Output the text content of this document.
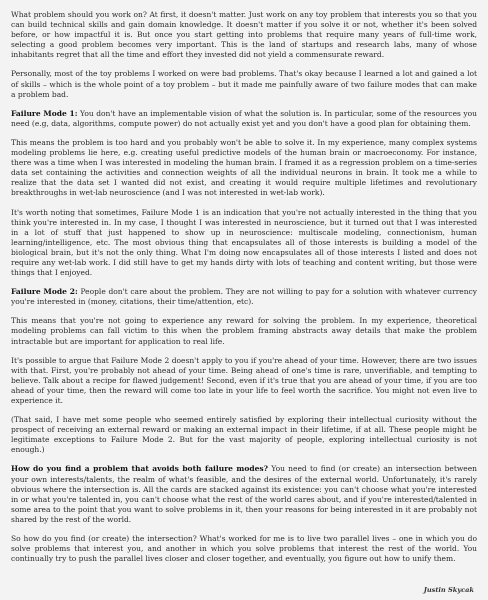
What problem should you work on? At first, it doesn't matter. Just work on any toy problem that interests you so that you can build technical skills and gain domain knowledge. It doesn't matter if you solve it or not, whether it's been solved before, or how impactful it is. But once you start getting into problems that require many years of full-time work, selecting a good problem becomes very important. This is the land of startups and research labs, many of whose inhabitants regret that all the time and effort they invested did not yield a commensurate reward.

Personally, most of the toy problems I worked on were bad problems. That's okay because I learned a lot and gained a lot of skills – which is the whole point of a toy problem – but it made me painfully aware of two failure modes that can make a problem bad.

Failure Mode 1: You don't have an implementable vision of what the solution is. In particular, some of the resources you need (e.g, data, algorithms, compute power) do not actually exist yet and you don't have a good plan for obtaining them.

This means the problem is too hard and you probably won't be able to solve it. In my experience, many complex systems modeling problems lie here, e.g. creating useful predictive models of the human brain or macroeconomy. For instance, there was a time when I was interested in modeling the human brain. I framed it as a regression problem on a time-series data set containing the activities and connection weights of all the individual neurons in brain. It took me a while to realize that the data set I wanted did not exist, and creating it would require multiple lifetimes and revolutionary breakthroughs in wet-lab neuroscience (and I was not interested in wet-lab work).

It's worth noting that sometimes, Failure Mode 1 is an indication that you're not actually interested in the thing that you think you're interested in. In my case, I thought I was interested in neuroscience, but it turned out that I was interested in a lot of stuff that just happened to show up in neuroscience: multiscale modeling, connectionism, human learning/intelligence, etc. The most obvious thing that encapsulates all of those interests is building a model of the biological brain, but it's not the only thing. What I'm doing now encapsulates all of those interests I listed and does not require any wet-lab work. I did still have to get my hands dirty with lots of teaching and content writing, but those were things that I enjoyed.

Failure Mode 2: People don't care about the problem. They are not willing to pay for a solution with whatever currency you're interested in (money, citations, their time/attention, etc).

This means that you're not going to experience any reward for solving the problem. In my experience, theoretical modeling problems can fall victim to this when the problem framing abstracts away details that make the problem intractable but are important for application to real life.

It's possible to argue that Failure Mode 2 doesn't apply to you if you're ahead of your time. However, there are two issues with that. First, you're probably not ahead of your time. Being ahead of one's time is rare, unverifiable, and tempting to believe. Talk about a recipe for flawed judgement! Second, even if it's true that you are ahead of your time, if you are too ahead of your time, then the reward will come too late in your life to feel worth the sacrifice. You might not even live to experience it.

(That said, I have met some people who seemed entirely satisfied by exploring their intellectual curiosity without the prospect of receiving an external reward or making an external impact in their lifetime, if at all. These people might be legitimate exceptions to Failure Mode 2. But for the vast majority of people, exploring intellectual curiosity is not enough.)

How do you find a problem that avoids both failure modes? You need to find (or create) an intersection between your own interests/talents, the realm of what's feasible, and the desires of the external world. Unfortunately, it's rarely obvious where the intersection is. All the cards are stacked against its existence: you can't choose what you're interested in or what you're talented in, you can't choose what the rest of the world cares about, and if you're interested/talented in some area to the point that you want to solve problems in it, then your reasons for being interested in it are probably not shared by the rest of the world.

So how do you find (or create) the intersection? What's worked for me is to live two parallel lives – one in which you do solve problems that interest you, and another in which you solve problems that interest the rest of the world. You continually try to push the parallel lives closer and closer together, and eventually, you figure out how to unify them.

Justin Skycak
